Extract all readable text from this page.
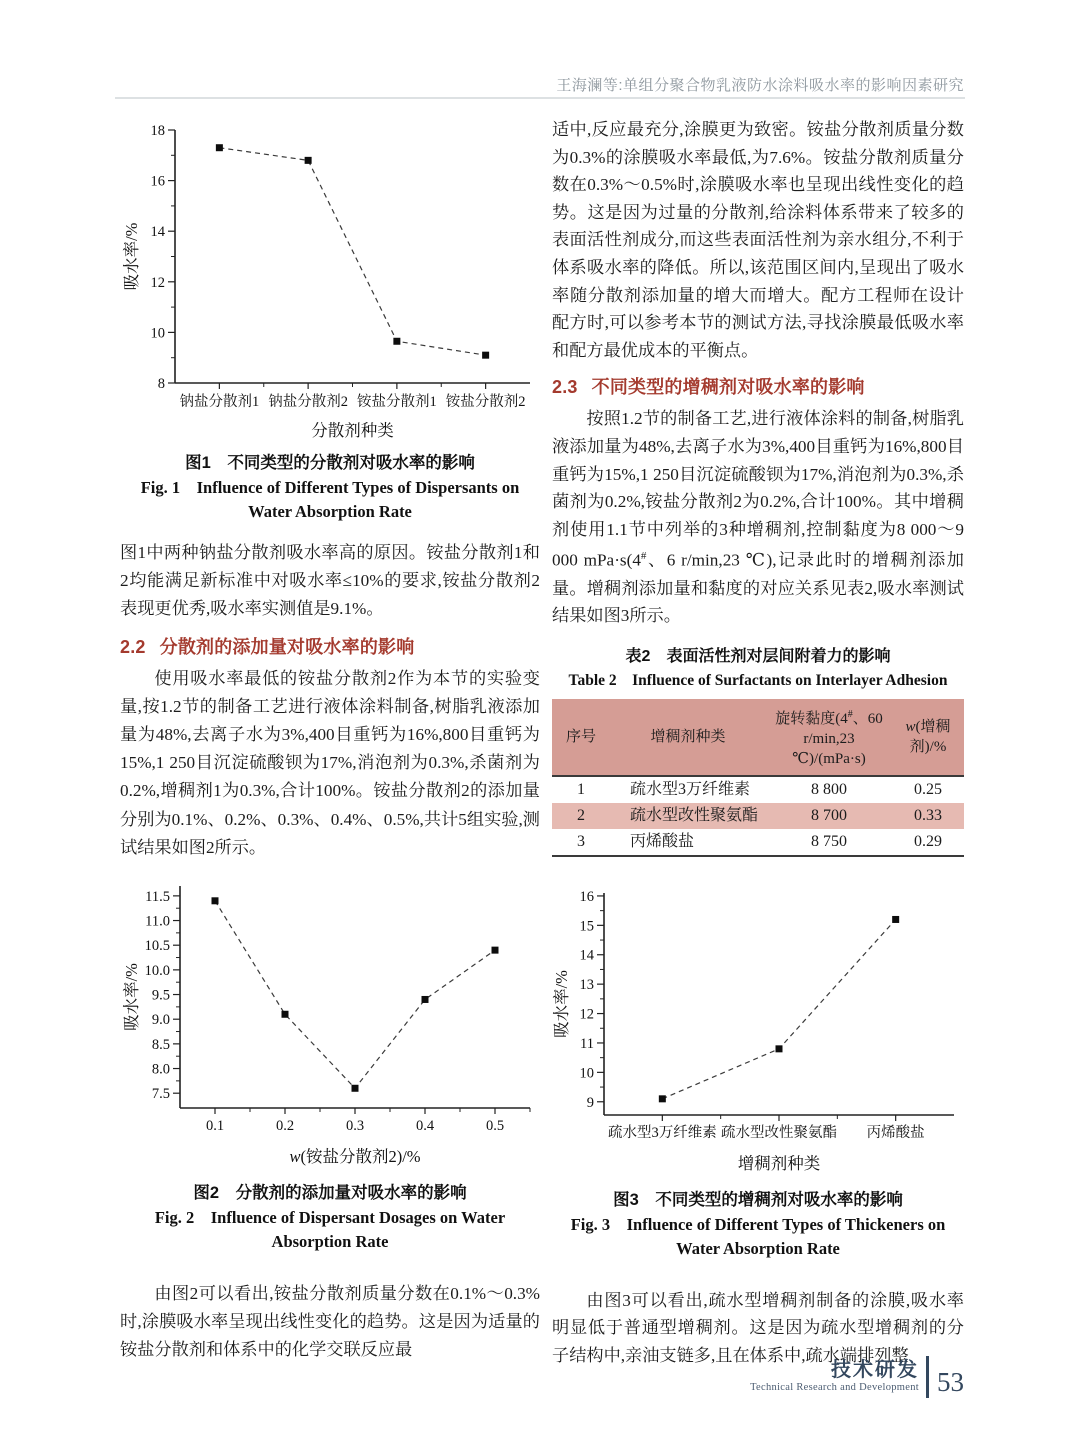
王海澜等:单组分聚合物乳液防水涂料吸水率的影响因素研究
8
10
12
14
16
18
钠盐分散剂1 钠盐分散剂2 铵盐分散剂1 铵盐分散剂2
吸水率/%
分散剂种类
图1　不同类型的分散剂对吸水率的影响
Fig. 1　Influence of Different Types of Dispersants on
Water Absorption Rate

图1中两种钠盐分散剂吸水率高的原因。铵盐分散剂1和2均能满足新标准中对吸水率≤10%的要求,铵盐分散剂2表现更优秀,吸水率实测值是9.1%。

2.2 分散剂的添加量对吸水率的影响

使用吸水率最低的铵盐分散剂2作为本节的实验变量,按1.2节的制备工艺进行液体涂料制备,树脂乳液添加量为48%,去离子水为3%,400目重钙为16%,800目重钙为15%,1 250目沉淀硫酸钡为17%,消泡剂为0.3%,杀菌剂为0.2%,增稠剂1为0.3%,合计100%。铵盐分散剂2的添加量分别为0.1%、0.2%、0.3%、0.4%、0.5%,共计5组实验,测试结果如图2所示。

7.5
8.0
8.5
9.0
9.5
10.0
10.5
11.0
11.5
0.1	0.2	0.3	0.4	0.5
吸水率/%
w(铵盐分散剂2)/%
图2　分散剂的添加量对吸水率的影响
Fig. 2　Influence of Dispersant Dosages on Water
Absorption Rate

由图2可以看出,铵盐分散剂质量分数在0.1%～0.3%时,涂膜吸水率呈现出线性变化的趋势。这是因为适量的铵盐分散剂和体系中的化学交联反应最

适中,反应最充分,涂膜更为致密。铵盐分散剂质量分数为0.3%的涂膜吸水率最低,为7.6%。铵盐分散剂质量分数在0.3%～0.5%时,涂膜吸水率也呈现出线性变化的趋势。这是因为过量的分散剂,给涂料体系带来了较多的表面活性剂成分,而这些表面活性剂为亲水组分,不利于体系吸水率的降低。所以,该范围区间内,呈现出了吸水率随分散剂添加量的增大而增大。配方工程师在设计配方时,可以参考本节的测试方法,寻找涂膜最低吸水率和配方最优成本的平衡点。

2.3 不同类型的增稠剂对吸水率的影响

按照1.2节的制备工艺,进行液体涂料的制备,树脂乳液添加量为48%,去离子水为3%,400目重钙为16%,800目重钙为15%,1 250目沉淀硫酸钡为17%,消泡剂为0.3%,杀菌剂为0.2%,铵盐分散剂2为0.2%,合计100%。其中增稠剂使用1.1节中列举的3种增稠剂,控制黏度为8 000～9 000 mPa·s(4#、6 r/min,23 ℃),记录此时的增稠剂添加量。增稠剂添加量和黏度的对应关系见表2,吸水率测试结果如图3所示。

表2　表面活性剂对层间附着力的影响
Table 2　Influence of Surfactants on Interlayer Adhesion
序号	增稠剂种类	旋转黏度(4#、60 r/min,23 ℃)/(mPa·s)	w(增稠剂)/%
1	疏水型3万纤维素	8 800	0.25
2	疏水型改性聚氨酯	8 700	0.33
3	丙烯酸盐	8 750	0.29
9
10
11
12
13
14
15
16
疏水型3万纤维素 疏水型改性聚氨酯 丙烯酸盐
吸水率/%
增稠剂种类
图3　不同类型的增稠剂对吸水率的影响
Fig. 3　Influence of Different Types of Thickeners on
Water Absorption Rate

由图3可以看出,疏水型增稠剂制备的涂膜,吸水率明显低于普通型增稠剂。这是因为疏水型增稠剂的分子结构中,亲油支链多,且在体系中,疏水端排列整

技术研发
Technical Research and Development 53
